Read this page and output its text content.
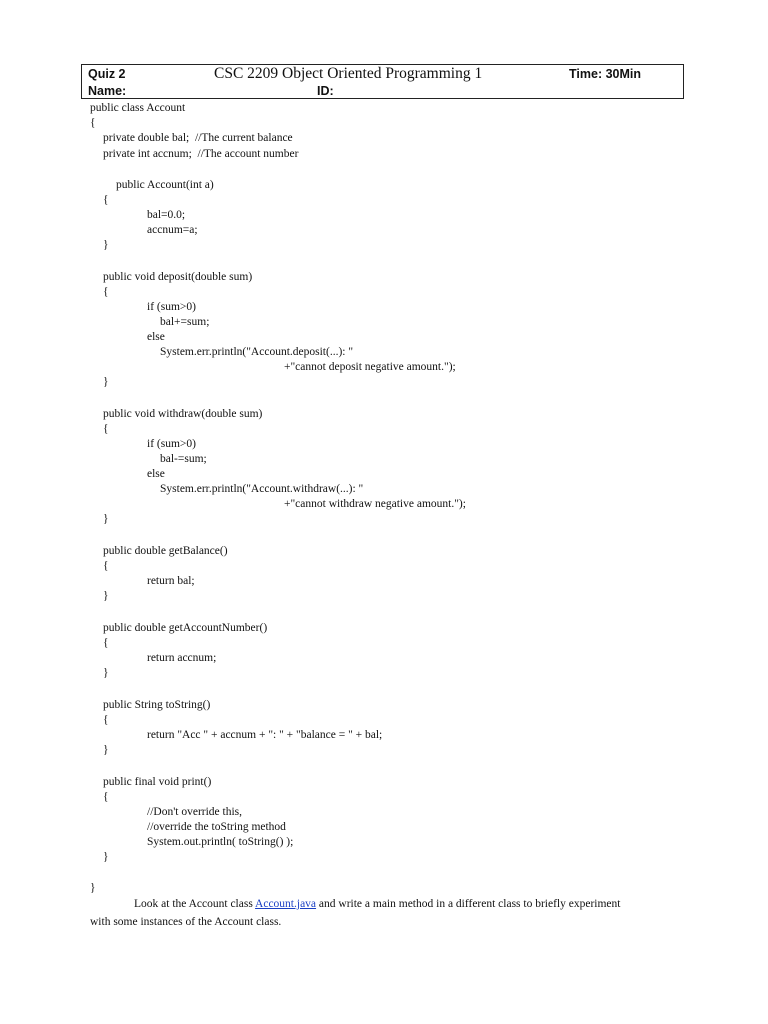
Quiz 2	CSC 2209 Object Oriented Programming 1	Time: 30Min
Name:	ID:
public class Account
{
private double bal;  //The current balance
private int accnum;  //The account number
public Account(int a)
{
bal=0.0;
accnum=a;
}
public void deposit(double sum)
{
if (sum>0)
bal+=sum;
else
System.err.println("Account.deposit(...): "
+"cannot deposit negative amount.");
}
public void withdraw(double sum)
{
if (sum>0)
bal-=sum;
else
System.err.println("Account.withdraw(...): "
+"cannot withdraw negative amount.");
}
public double getBalance()
{
return bal;
}
public double getAccountNumber()
{
return accnum;
}
public String toString()
{
return "Acc " + accnum + ": " + "balance = " + bal;
}
public final void print()
{
//Don't override this,
//override the toString method
System.out.println( toString() );
}
}
Look at the Account class Account.java and write a main method in a different class to briefly experiment
with some instances of the Account class.
